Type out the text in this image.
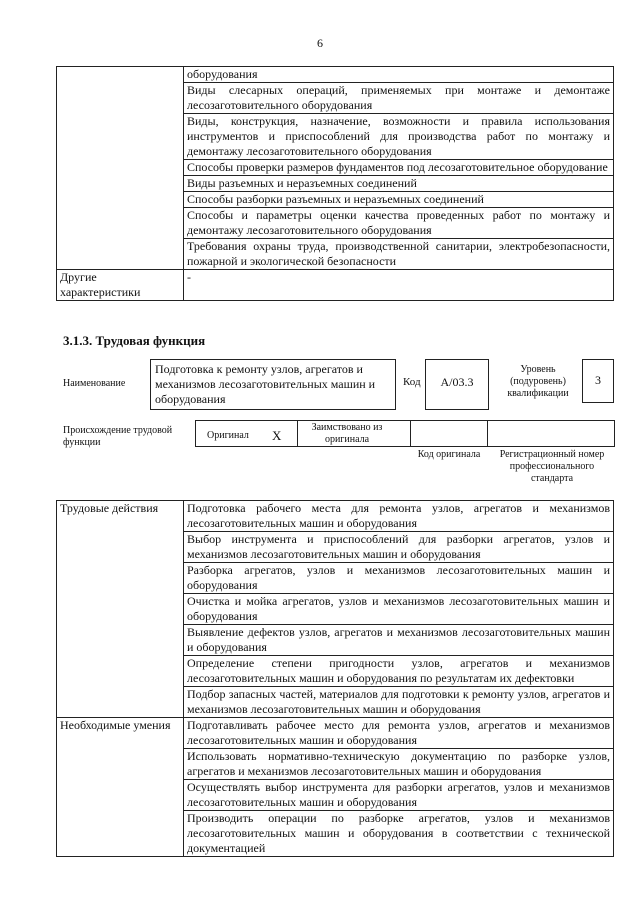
6
	оборудования
	Виды слесарных операций, применяемых при монтаже и демонтаже лесозаготовительного оборудования
	Виды, конструкция, назначение, возможности и правила использования инструментов и приспособлений для производства работ по монтажу и демонтажу лесозаготовительного оборудования
	Способы проверки размеров фундаментов под лесозаготовительное оборудование
	Виды разъемных и неразъемных соединений
	Способы разборки разъемных и неразъемных соединений
	Способы и параметры оценки качества проведенных работ по монтажу и демонтажу лесозаготовительного оборудования
	Требования охраны труда, производственной санитарии, электробезопасности, пожарной и экологической безопасности
Другие характеристики	-
3.1.3. Трудовая функция
Наименование
Подготовка к ремонту узлов, агрегатов и механизмов лесозаготовительных машин и оборудования
Код	А/03.3
Уровень (подуровень) квалификации
3
Происхождение трудовой функции
Оригинал X
Заимствовано из оригинала
Код оригинала	Регистрационный номер профессионального стандарта
Трудовые действия	Подготовка рабочего места для ремонта узлов, агрегатов и механизмов лесозаготовительных машин и оборудования
	Выбор инструмента и приспособлений для разборки агрегатов, узлов и механизмов лесозаготовительных машин и оборудования
	Разборка агрегатов, узлов и механизмов лесозаготовительных машин и оборудования
	Очистка и мойка агрегатов, узлов и механизмов лесозаготовительных машин и оборудования
	Выявление дефектов узлов, агрегатов и механизмов лесозаготовительных машин и оборудования
	Определение степени пригодности узлов, агрегатов и механизмов лесозаготовительных машин и оборудования по результатам их дефектовки
	Подбор запасных частей, материалов для подготовки к ремонту узлов, агрегатов и механизмов лесозаготовительных машин и оборудования
Необходимые умения	Подготавливать рабочее место для ремонта узлов, агрегатов и механизмов лесозаготовительных машин и оборудования
	Использовать нормативно-техническую документацию по разборке узлов, агрегатов и механизмов лесозаготовительных машин и оборудования
	Осуществлять выбор инструмента для разборки агрегатов, узлов и механизмов лесозаготовительных машин и оборудования
	Производить операции по разборке агрегатов, узлов и механизмов лесозаготовительных машин и оборудования в соответствии с технической документацией
